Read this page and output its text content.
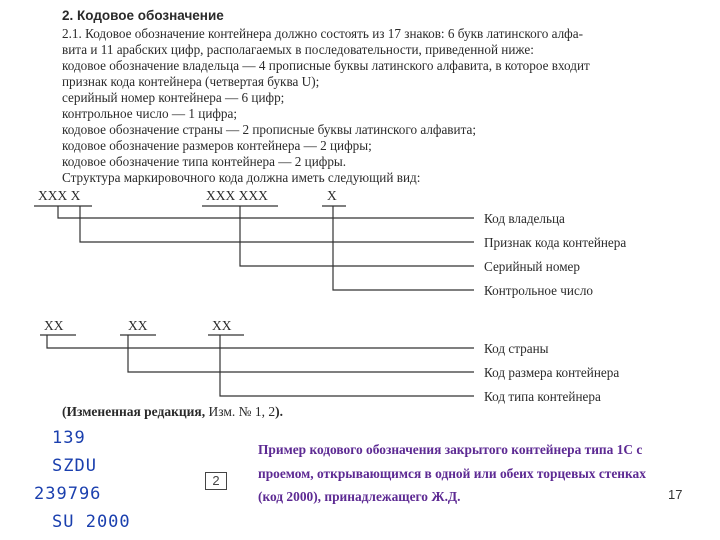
2. Кодовое обозначение
2.1. Кодовое обозначение контейнера должно состоять из 17 знаков: 6 букв латинского алфа-
вита и 11 арабских цифр, располагаемых в последовательности, приведенной ниже:
кодовое обозначение владельца — 4 прописные буквы латинского алфавита, в которое входит
признак кода контейнера (четвертая буква U);
серийный номер контейнера — 6 цифр;
контрольное число — 1 цифра;
кодовое обозначение страны — 2 прописные буквы латинского алфавита;
кодовое обозначение размеров контейнера — 2 цифры;
кодовое обозначение типа контейнера — 2 цифры.
Структура маркировочного кода должна иметь следующий вид:
XXX X	XXX XXX	X
Код владельца
Признак кода контейнера
Серийный номер
Контрольное число
XX	XX	XX
Код страны
Код размера контейнера
Код типа контейнера
(Измененная редакция, Изм. № 1, 2).
139
SZDU
239796
SU 2000
2
Пример кодового обозначения закрытого контейнера типа 1С с проемом, открывающимся в одной или обеих торцевых стенках (код 2000), принадлежащего Ж.Д.	17
